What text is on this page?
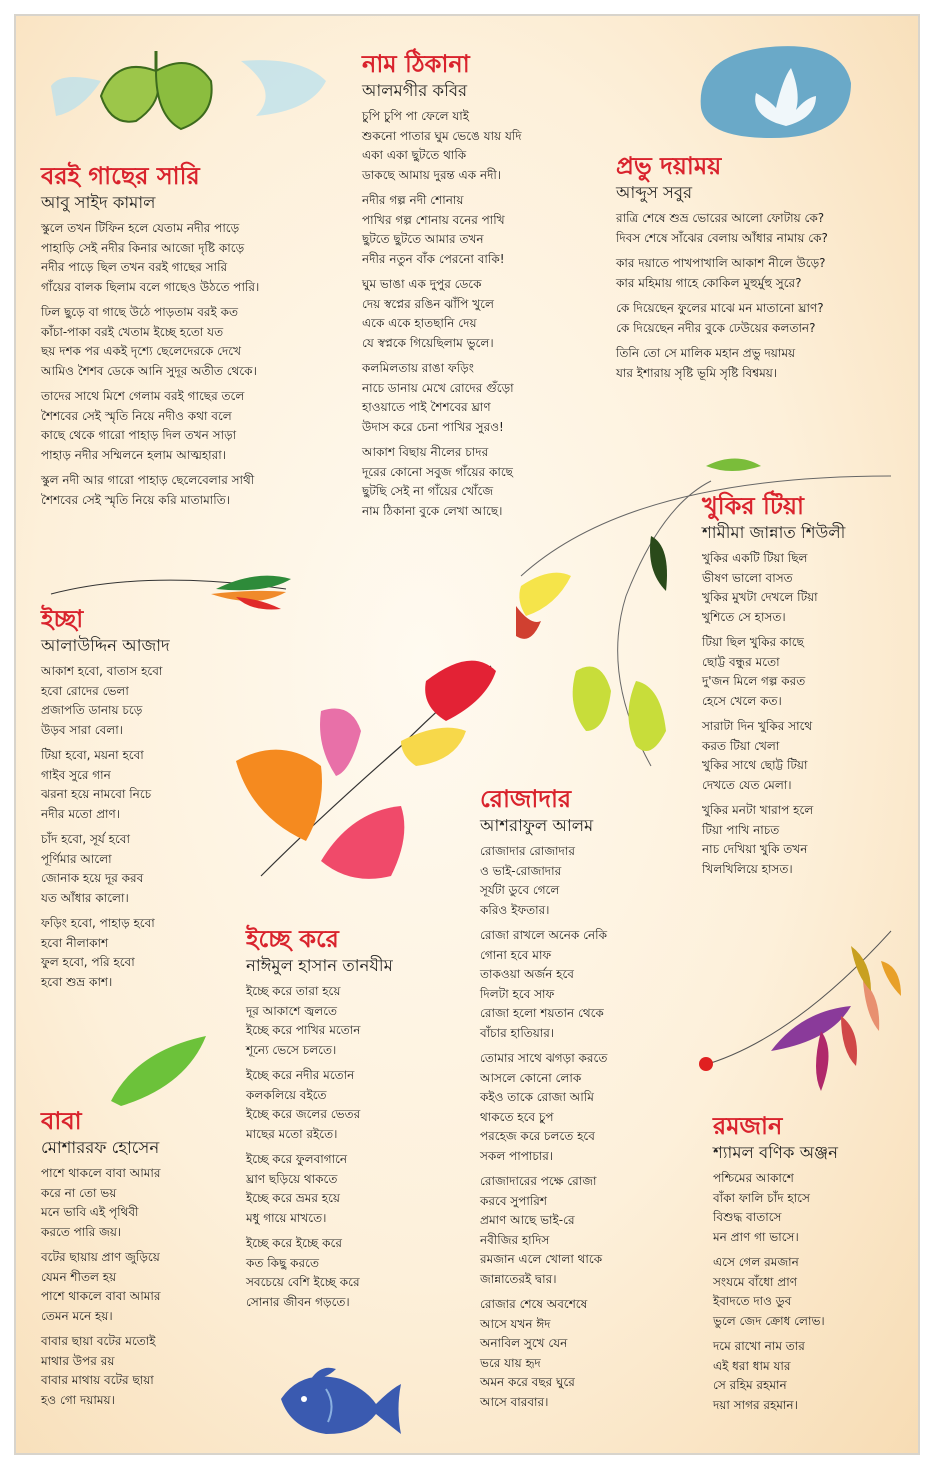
বরই গাছের সারি
আবু সাইদ কামাল

স্কুলে তখন টিফিন হলে যেতাম নদীর পাড়ে
পাহাড়ি সেই নদীর কিনার আজো দৃষ্টি কাড়ে
নদীর পাড়ে ছিল তখন বরই গাছের সারি
গাঁয়ের বালক ছিলাম বলে গাছেও উঠতে পারি।

ঢিল ছুড়ে বা গাছে উঠে পাড়তাম বরই কত
কাঁচা-পাকা বরই খেতাম ইচ্ছে হতো যত
ছয় দশক পর একই দৃশ্যে ছেলেদেরকে দেখে
আমিও শৈশব ডেকে আনি সুদূর অতীত থেকে।

তাদের সাথে মিশে গেলাম বরই গাছের তলে
শৈশবের সেই স্মৃতি নিয়ে নদীও কথা বলে
কাছে থেকে গারো পাহাড় দিল তখন সাড়া
পাহাড় নদীর সম্মিলনে হলাম আত্মহারা।

স্কুল নদী আর গারো পাহাড় ছেলেবেলার সাথী
শৈশবের সেই স্মৃতি নিয়ে করি মাতামাতি।

নাম ঠিকানা
আলমগীর কবির

চুপি চুপি পা ফেলে যাই
শুকনো পাতার ঘুম ভেঙে যায় যদি
একা একা ছুটতে থাকি
ডাকছে আমায় দুরন্ত এক নদী।

নদীর গল্প নদী শোনায়
পাখির গল্প শোনায় বনের পাখি
ছুটতে ছুটতে আমার তখন
নদীর নতুন বাঁক পেরনো বাকি!

ঘুম ভাঙা এক দুপুর ডেকে
দেয় স্বপ্নের রঙিন ঝাঁপি খুলে
একে একে হাতছানি দেয়
যে স্বপ্নকে গিয়েছিলাম ভুলে।

কলমিলতায় রাঙা ফড়িং
নাচে ডানায় মেখে রোদের গুঁড়ো
হাওয়াতে পাই শৈশবের ঘ্রাণ
উদাস করে চেনা পাখির সুরও!

আকাশ বিছায় নীলের চাদর
দূরের কোনো সবুজ গাঁয়ের কাছে
ছুটছি সেই না গাঁয়ের খোঁজে
নাম ঠিকানা বুকে লেখা আছে।

প্রভু দয়াময়
আব্দুস সবুর

রাত্রি শেষে শুভ্র ভোরের আলো ফোটায় কে?
দিবস শেষে সাঁঝের বেলায় আঁধার নামায় কে?

কার দয়াতে পাখপাখালি আকাশ নীলে উড়ে?
কার মহিমায় গাহে কোকিল মুহুর্মুহু সুরে?

কে দিয়েছেন ফুলের মাঝে মন মাতানো ঘ্রাণ?
কে দিয়েছেন নদীর বুকে ঢেউয়ের কলতান?

তিনি তো সে মালিক মহান প্রভু দয়াময়
যার ইশারায় সৃষ্টি ভূমি সৃষ্টি বিশ্বময়।

খুকির টিয়া
শামীমা জান্নাত শিউলী

খুকির একটি টিয়া ছিল
ভীষণ ভালো বাসত
খুকির মুখটা দেখলে টিয়া
খুশিতে সে হাসত।

টিয়া ছিল খুকির কাছে
ছোট্ট বন্ধুর মতো
দু'জন মিলে গল্প করত
হেসে খেলে কত।

সারাটা দিন খুকির সাথে
করত টিয়া খেলা
খুকির সাথে ছোট্ট টিয়া
দেখতে যেত মেলা।

খুকির মনটা খারাপ হলে
টিয়া পাখি নাচত
নাচ দেখিয়া খুকি তখন
খিলখিলিয়ে হাসত।

ইচ্ছা
আলাউদ্দিন আজাদ

আকাশ হবো, বাতাস হবো
হবো রোদের ভেলা
প্রজাপতি ডানায় চড়ে
উড়ব সারা বেলা।

টিয়া হবো, ময়না হবো
গাইব সুরে গান
ঝরনা হয়ে নামবো নিচে
নদীর মতো প্রাণ।

চাঁদ হবো, সূর্য হবো
পূর্ণিমার আলো
জোনাক হয়ে দূর করব
যত আঁধার কালো।

ফড়িং হবো, পাহাড় হবো
হবো নীলাকাশ
ফুল হবো, পরি হবো
হবো শুভ্র কাশ।

রোজাদার
আশরাফুল আলম

রোজাদার রোজাদার
ও ভাই-রোজাদার
সূর্যটা ডুবে গেলে
করিও ইফতার।

রোজা রাখলে অনেক নেকি
গোনা হবে মাফ
তাকওয়া অর্জন হবে
দিলটা হবে সাফ
রোজা হলো শয়তান থেকে
বাঁচার হাতিয়ার।

তোমার সাথে ঝগড়া করতে
আসলে কোনো লোক
কইও তাকে রোজা আমি
থাকতে হবে চুপ
পরহেজ করে চলতে হবে
সকল পাপাচার।

রোজাদারের পক্ষে রোজা
করবে সুপারিশ
প্রমাণ আছে ভাই-রে
নবীজির হাদিস
রমজান এলে খোলা থাকে
জান্নাতেরই দ্বার।

রোজার শেষে অবশেষে
আসে যখন ঈদ
অনাবিল সুখে যেন
ভরে যায় হৃদ
অমন করে বছর ঘুরে
আসে বারবার।

ইচ্ছে করে
নাঈমুল হাসান তানযীম

ইচ্ছে করে তারা হয়ে
দূর আকাশে জ্বলতে
ইচ্ছে করে পাখির মতোন
শূন্যে ভেসে চলতে।

ইচ্ছে করে নদীর মতোন
কলকলিয়ে বইতে
ইচ্ছে করে জলের ভেতর
মাছের মতো রইতে।

ইচ্ছে করে ফুলবাগানে
ঘ্রাণ ছড়িয়ে থাকতে
ইচ্ছে করে ভ্রমর হয়ে
মধু গায়ে মাখতে।

ইচ্ছে করে ইচ্ছে করে
কত কিছু করতে
সবচেয়ে বেশি ইচ্ছে করে
সোনার জীবন গড়তে।

বাবা
মোশাররফ হোসেন

পাশে থাকলে বাবা আমার
করে না তো ভয়
মনে ভাবি এই পৃথিবী
করতে পারি জয়।

বটের ছায়ায় প্রাণ জুড়িয়ে
যেমন শীতল হয়
পাশে থাকলে বাবা আমার
তেমন মনে হয়।

বাবার ছায়া বটের মতোই
মাথার উপর রয়
বাবার মাথায় বটের ছায়া
হও গো দয়াময়।

রমজান
শ্যামল বণিক অঞ্জন

পশ্চিমের আকাশে
বাঁকা ফালি চাঁদ হাসে
বিশুদ্ধ বাতাসে
মন প্রাণ গা ভাসে।

এসে গেল রমজান
সংযমে বাঁধো প্রাণ
ইবাদতে দাও ডুব
ভুলে জেদ ক্রোধ লোভ।

দমে রাখো নাম তার
এই ধরা ধাম যার
সে রহিম রহমান
দয়া সাগর রহমান।
